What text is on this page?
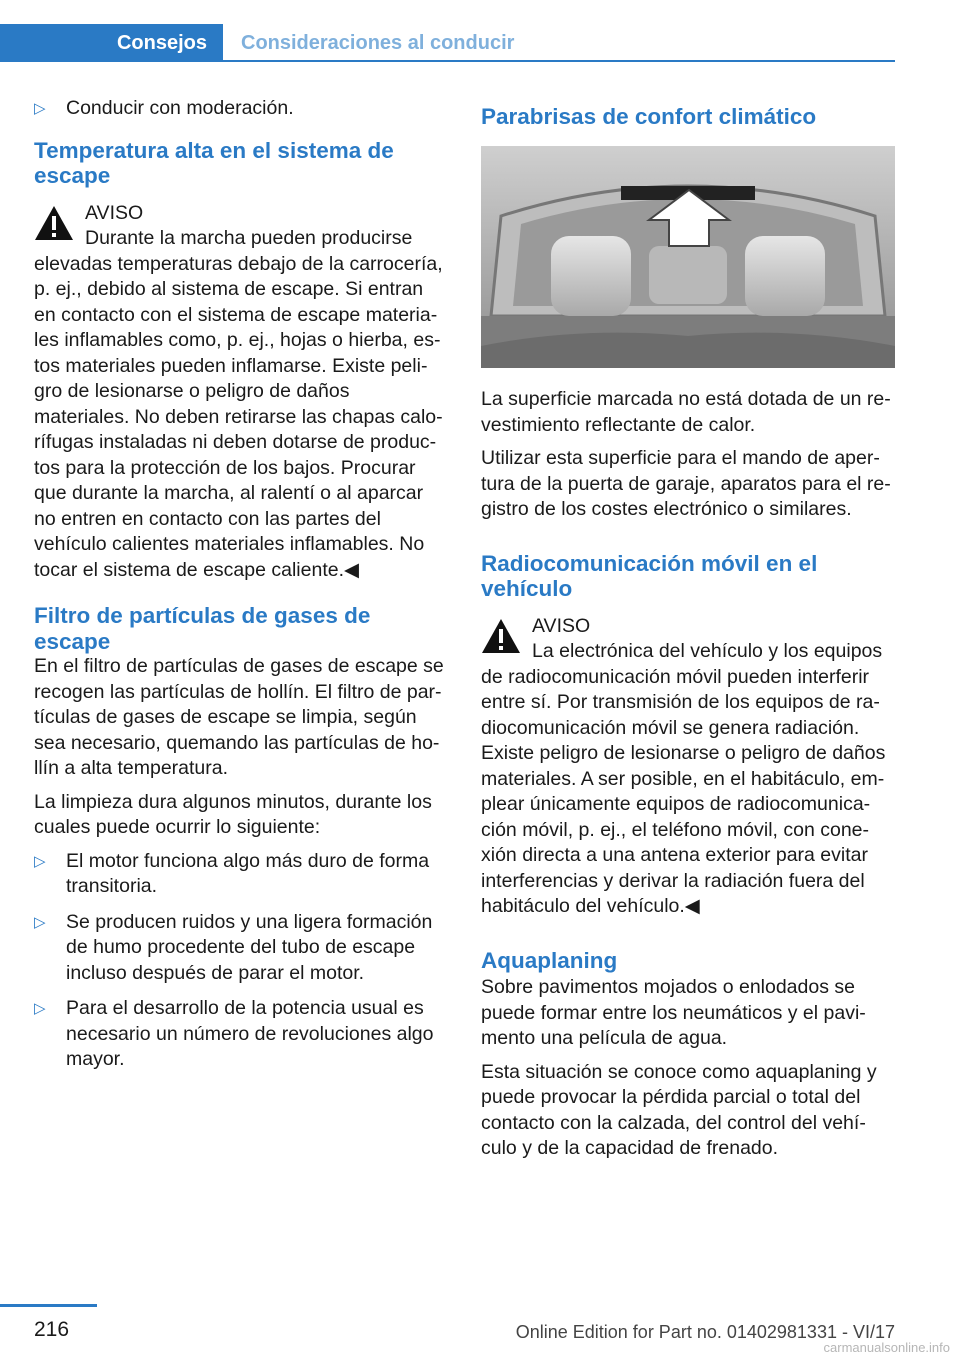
Consejos	Consideraciones al conducir
▷ Conducir con moderación.
Temperatura alta en el sistema de escape
AVISO
Durante la marcha pueden producirse

elevadas temperaturas debajo de la carrocería, p. ej., debido al sistema de escape. Si entran en contacto con el sistema de escape materia‐les inflamables como, p. ej., hojas o hierba, es‐tos materiales pueden inflamarse. Existe peli‐gro de lesionarse o peligro de daños materiales. No deben retirarse las chapas calo‐rífugas instaladas ni deben dotarse de produc‐tos para la protección de los bajos. Procurar que durante la marcha, al ralentí o al aparcar no entren en contacto con las partes del vehículo calientes materiales inflamables. No tocar el sistema de escape caliente.◀

Filtro de partículas de gases de escape

En el filtro de partículas de gases de escape se recogen las partículas de hollín. El filtro de par‐tículas de gases de escape se limpia, según sea necesario, quemando las partículas de ho‐llín a alta temperatura.

La limpieza dura algunos minutos, durante los cuales puede ocurrir lo siguiente:

▷ El motor funciona algo más duro de forma transitoria.
▷ Se producen ruidos y una ligera formación de humo procedente del tubo de escape incluso después de parar el motor.
▷ Para el desarrollo de la potencia usual es necesario un número de revoluciones algo mayor.
Parabrisas de confort climático

La superficie marcada no está dotada de un re‐vestimiento reflectante de calor.

Utilizar esta superficie para el mando de aper‐tura de la puerta de garaje, aparatos para el re‐gistro de los costes electrónico o similares.

Radiocomunicación móvil en el vehículo
AVISO
La electrónica del vehículo y los equipos

de radiocomunicación móvil pueden interferir entre sí. Por transmisión de los equipos de ra‐diocomunicación móvil se genera radiación. Existe peligro de lesionarse o peligro de daños materiales. A ser posible, en el habitáculo, em‐plear únicamente equipos de radiocomunica‐ción móvil, p. ej., el teléfono móvil, con cone‐xión directa a una antena exterior para evitar interferencias y derivar la radiación fuera del habitáculo del vehículo.◀

Aquaplaning

Sobre pavimentos mojados o enlodados se puede formar entre los neumáticos y el pavi‐mento una película de agua.

Esta situación se conoce como aquaplaning y puede provocar la pérdida parcial o total del contacto con la calzada, del control del vehí‐culo y de la capacidad de frenado.

216	Online Edition for Part no. 01402981331 - VI/17
carmanualsonline.info
